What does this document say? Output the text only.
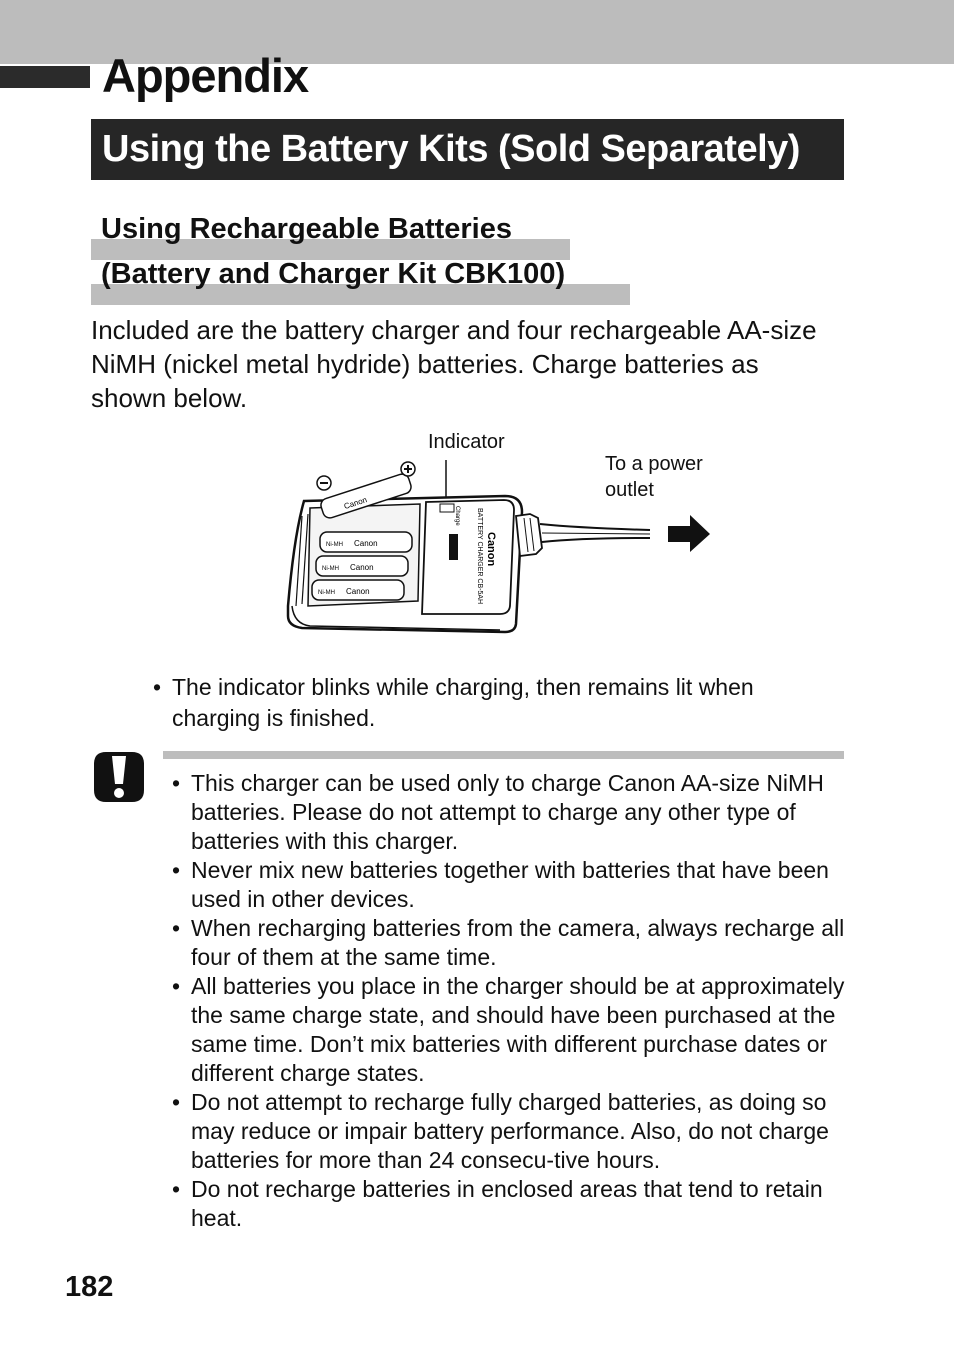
Appendix
Using the Battery Kits (Sold Separately)
Using Rechargeable Batteries
(Battery and Charger Kit CBK100)

Included are the battery charger and four rechargeable AA-size NiMH (nickel metal hydride) batteries. Charge batteries as shown below.

Indicator
To a power outlet
Charge BATTERY CHARGER CB-5AH Canon
Canon
Canon
Ni-MH
Canon
Ni-MH
Canon
Ni-MH
• The indicator blinks while charging, then remains lit when charging is finished.
• This charger can be used only to charge Canon AA-size NiMH batteries. Please do not attempt to charge any other type of batteries with this charger.
• Never mix new batteries together with batteries that have been used in other devices.
• When recharging batteries from the camera, always recharge all four of them at the same time.
• All batteries you place in the charger should be at approximately the same charge state, and should have been purchased at the same time. Don’t mix batteries with different purchase dates or different charge states.
• Do not attempt to recharge fully charged batteries, as doing so may reduce or impair battery performance. Also, do not charge batteries for more than 24 consecu-tive hours.
• Do not recharge batteries in enclosed areas that tend to retain heat.
182
